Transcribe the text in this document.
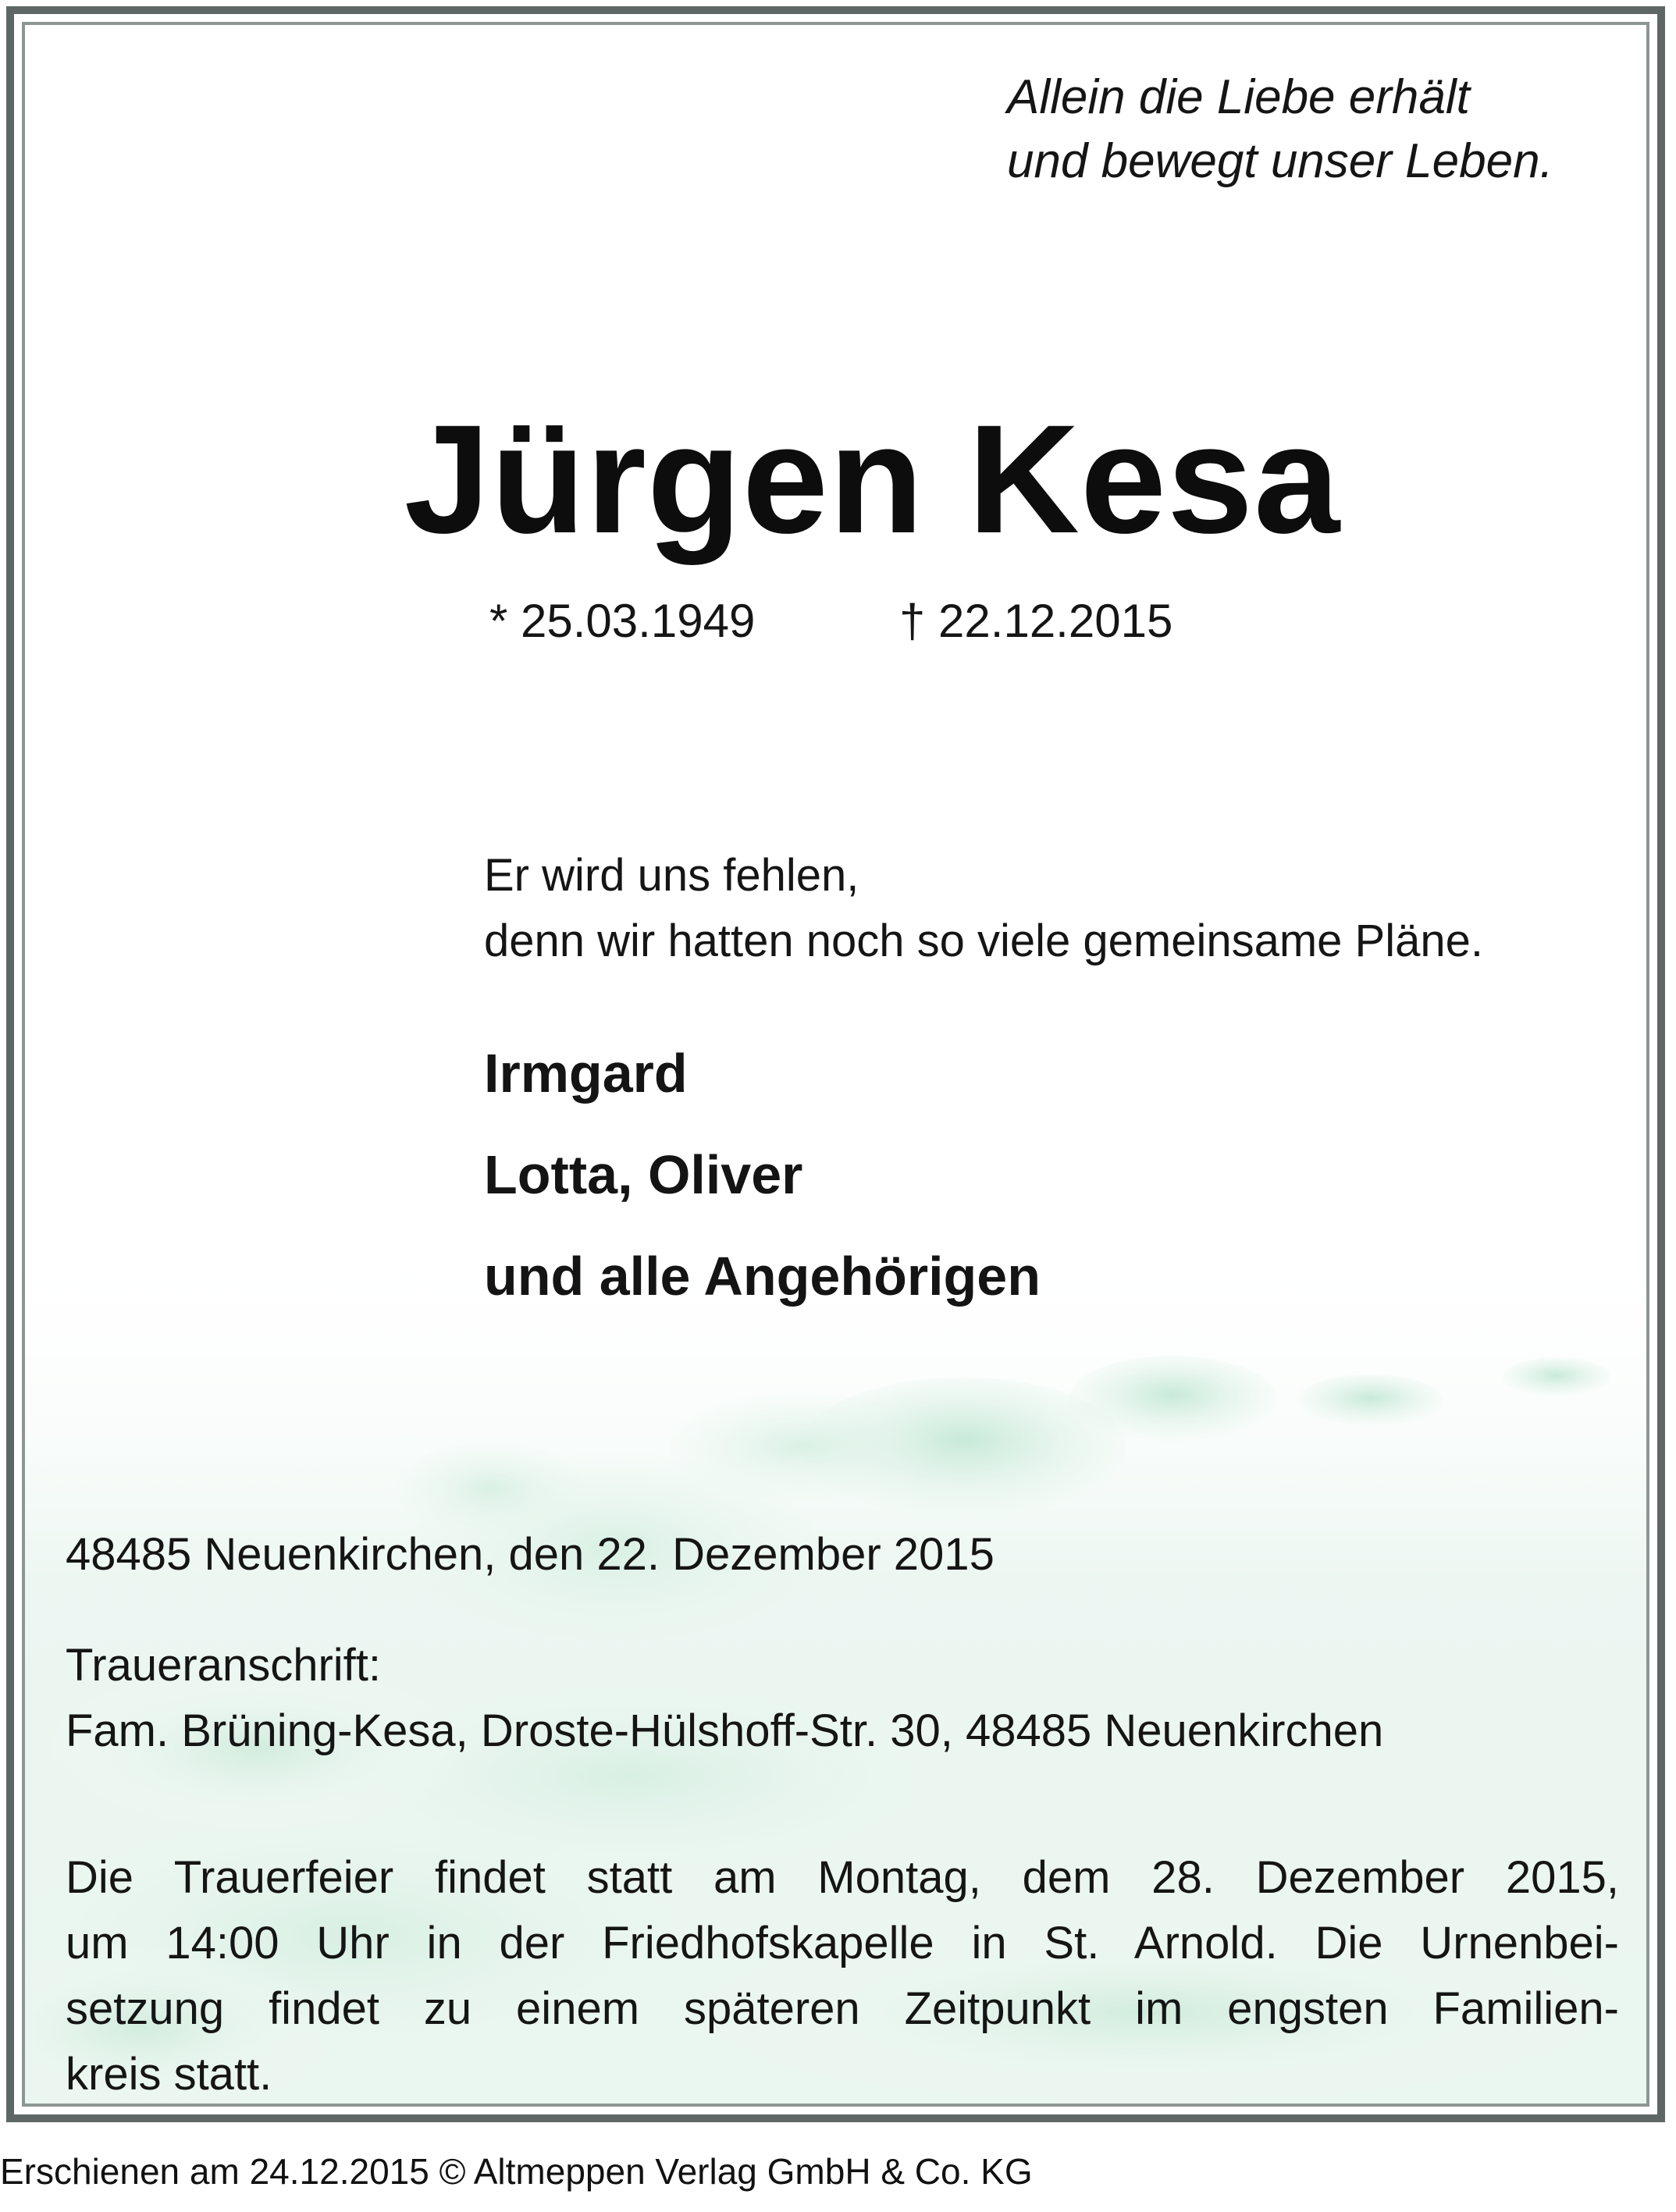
Allein die Liebe erhält
und bewegt unser Leben.

Jürgen Kesa
* 25.03.1949	† 22.12.2015

Er wird uns fehlen,
denn wir hatten noch so viele gemeinsame Pläne.

Irmgard
Lotta, Oliver
und alle Angehörigen
48485 Neuenkirchen, den 22. Dezember 2015

Traueranschrift:
Fam. Brüning-Kesa, Droste-Hülshoff-Str. 30, 48485 Neuenkirchen

Die Trauerfeier findet statt am Montag, dem 28. Dezember 2015,
um 14:00 Uhr in der Friedhofskapelle in St. Arnold. Die Urnenbei-
setzung findet zu einem späteren Zeitpunkt im engsten Familien-
kreis statt.

Erschienen am 24.12.2015 © Altmeppen Verlag GmbH & Co. KG
